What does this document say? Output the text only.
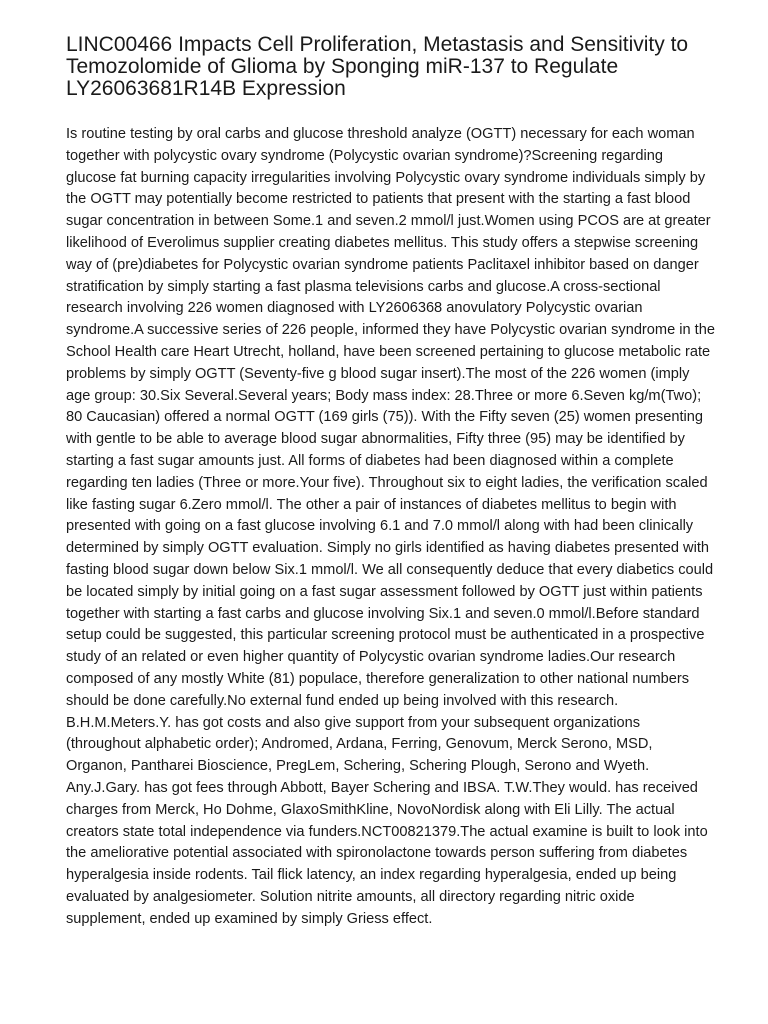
LINC00466 Impacts Cell Proliferation, Metastasis and Sensitivity to Temozolomide of Glioma by Sponging miR-137 to Regulate LY26063681R14B Expression

Is routine testing by oral carbs and glucose threshold analyze (OGTT) necessary for each woman together with polycystic ovary syndrome (Polycystic ovarian syndrome)?Screening regarding glucose fat burning capacity irregularities involving Polycystic ovary syndrome individuals simply by the OGTT may potentially become restricted to patients that present with the starting a fast blood sugar concentration in between Some.1 and seven.2 mmol/l just.Women using PCOS are at greater likelihood of Everolimus supplier creating diabetes mellitus. This study offers a stepwise screening way of (pre)diabetes for Polycystic ovarian syndrome patients Paclitaxel inhibitor based on danger stratification by simply starting a fast plasma televisions carbs and glucose.A cross-sectional research involving 226 women diagnosed with LY2606368 anovulatory Polycystic ovarian syndrome.A successive series of 226 people, informed they have Polycystic ovarian syndrome in the School Health care Heart Utrecht, holland, have been screened pertaining to glucose metabolic rate problems by simply OGTT (Seventy-five g blood sugar insert).The most of the 226 women (imply age group: 30.Six Several.Several years; Body mass index: 28.Three or more 6.Seven kg/m(Two); 80 Caucasian) offered a normal OGTT (169 girls (75)). With the Fifty seven (25) women presenting with gentle to be able to average blood sugar abnormalities, Fifty three (95) may be identified by starting a fast sugar amounts just. All forms of diabetes had been diagnosed within a complete regarding ten ladies (Three or more.Your five). Throughout six to eight ladies, the verification scaled like fasting sugar 6.Zero mmol/l. The other a pair of instances of diabetes mellitus to begin with presented with going on a fast glucose involving 6.1 and 7.0 mmol/l along with had been clinically determined by simply OGTT evaluation. Simply no girls identified as having diabetes presented with fasting blood sugar down below Six.1 mmol/l. We all consequently deduce that every diabetics could be located simply by initial going on a fast sugar assessment followed by OGTT just within patients together with starting a fast carbs and glucose involving Six.1 and seven.0 mmol/l.Before standard setup could be suggested, this particular screening protocol must be authenticated in a prospective study of an related or even higher quantity of Polycystic ovarian syndrome ladies.Our research composed of any mostly White (81) populace, therefore generalization to other national numbers should be done carefully.No external fund ended up being involved with this research. B.H.M.Meters.Y. has got costs and also give support from your subsequent organizations (throughout alphabetic order); Andromed, Ardana, Ferring, Genovum, Merck Serono, MSD, Organon, Pantharei Bioscience, PregLem, Schering, Schering Plough, Serono and Wyeth. Any.J.Gary. has got fees through Abbott, Bayer Schering and IBSA. T.W.They would. has received charges from Merck, Ho Dohme, GlaxoSmithKline, NovoNordisk along with Eli Lilly. The actual creators state total independence via funders.NCT00821379.The actual examine is built to look into the ameliorative potential associated with spironolactone towards person suffering from diabetes hyperalgesia inside rodents. Tail flick latency, an index regarding hyperalgesia, ended up being evaluated by analgesiometer. Solution nitrite amounts, all directory regarding nitric oxide supplement, ended up examined by simply Griess effect.
